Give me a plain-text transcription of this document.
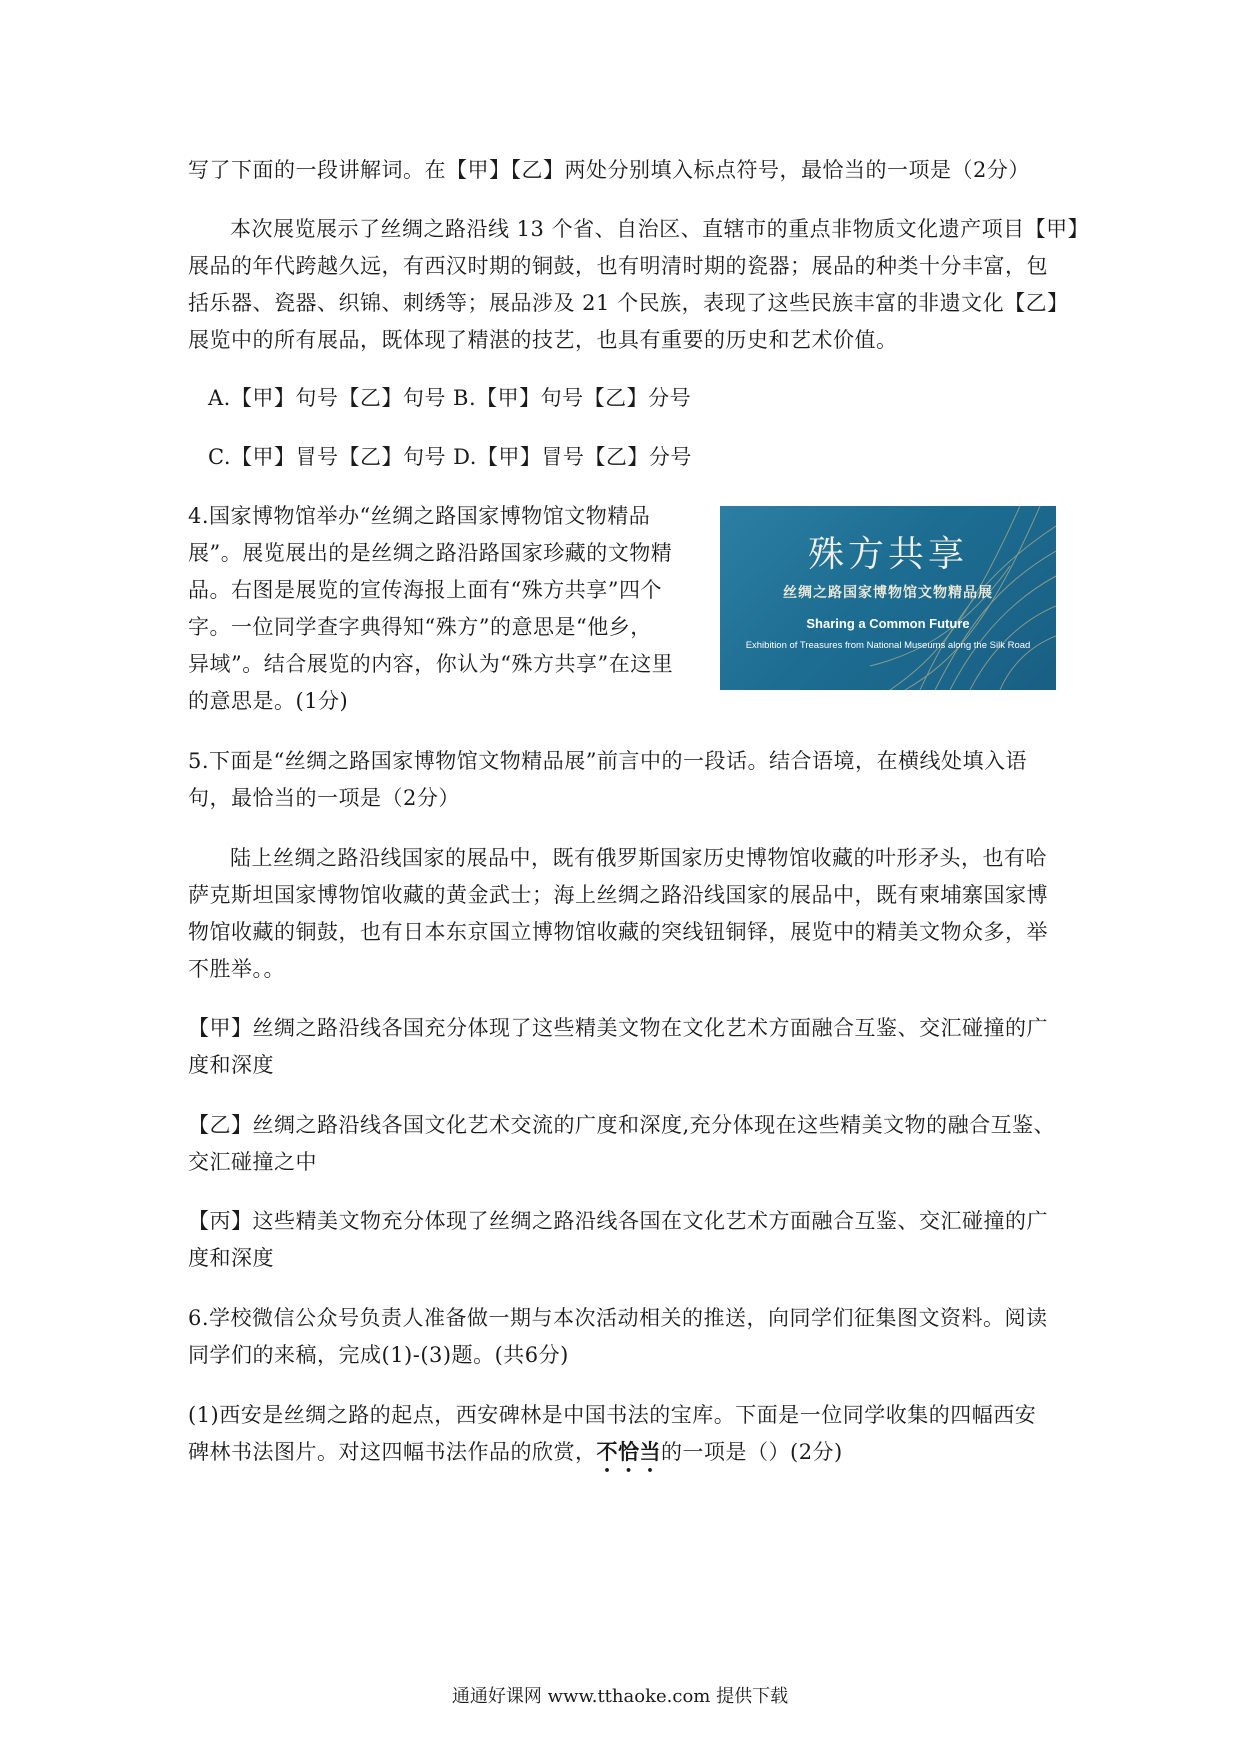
写了下面的一段讲解词。在【甲】【乙】两处分别填入标点符号，最恰当的一项是（2分）
本次展览展示了丝绸之路沿线 13 个省、自治区、直辖市的重点非物质文化遗产项目【甲】
展品的年代跨越久远，有西汉时期的铜鼓，也有明清时期的瓷器；展品的种类十分丰富，包
括乐器、瓷器、织锦、刺绣等；展品涉及 21 个民族，表现了这些民族丰富的非遗文化【乙】
展览中的所有展品，既体现了精湛的技艺，也具有重要的历史和艺术价值。
A.【甲】句号【乙】句号 B.【甲】句号【乙】分号
C.【甲】冒号【乙】句号 D.【甲】冒号【乙】分号
4.国家博物馆举办“丝绸之路国家博物馆文物精品
展”。展览展出的是丝绸之路沿路国家珍藏的文物精
品。右图是展览的宣传海报上面有“殊方共享”四个
字。一位同学查字典得知“殊方”的意思是“他乡，
异域”。结合展览的内容，你认为“殊方共享”在这里
的意思是。(1分)
殊方共享
丝绸之路国家博物馆文物精品展
Sharing a Common Future
Exhibition of Treasures from National Museums along the Silk Road
5.下面是“丝绸之路国家博物馆文物精品展”前言中的一段话。结合语境，在横线处填入语
句，最恰当的一项是（2分）
陆上丝绸之路沿线国家的展品中，既有俄罗斯国家历史博物馆收藏的叶形矛头，也有哈
萨克斯坦国家博物馆收藏的黄金武士；海上丝绸之路沿线国家的展品中，既有柬埔寨国家博
物馆收藏的铜鼓，也有日本东京国立博物馆收藏的突线钮铜铎，展览中的精美文物众多，举
不胜举。。
【甲】丝绸之路沿线各国充分体现了这些精美文物在文化艺术方面融合互鉴、交汇碰撞的广
度和深度
【乙】丝绸之路沿线各国文化艺术交流的广度和深度,充分体现在这些精美文物的融合互鉴、
交汇碰撞之中
【丙】这些精美文物充分体现了丝绸之路沿线各国在文化艺术方面融合互鉴、交汇碰撞的广
度和深度
6.学校微信公众号负责人准备做一期与本次活动相关的推送，向同学们征集图文资料。阅读
同学们的来稿，完成(1)-(3)题。(共6分)
(1)西安是丝绸之路的起点，西安碑林是中国书法的宝库。下面是一位同学收集的四幅西安
碑林书法图片。对这四幅书法作品的欣赏，不恰当的一项是（）(2分)
通通好课网 www.tthaoke.com 提供下载
